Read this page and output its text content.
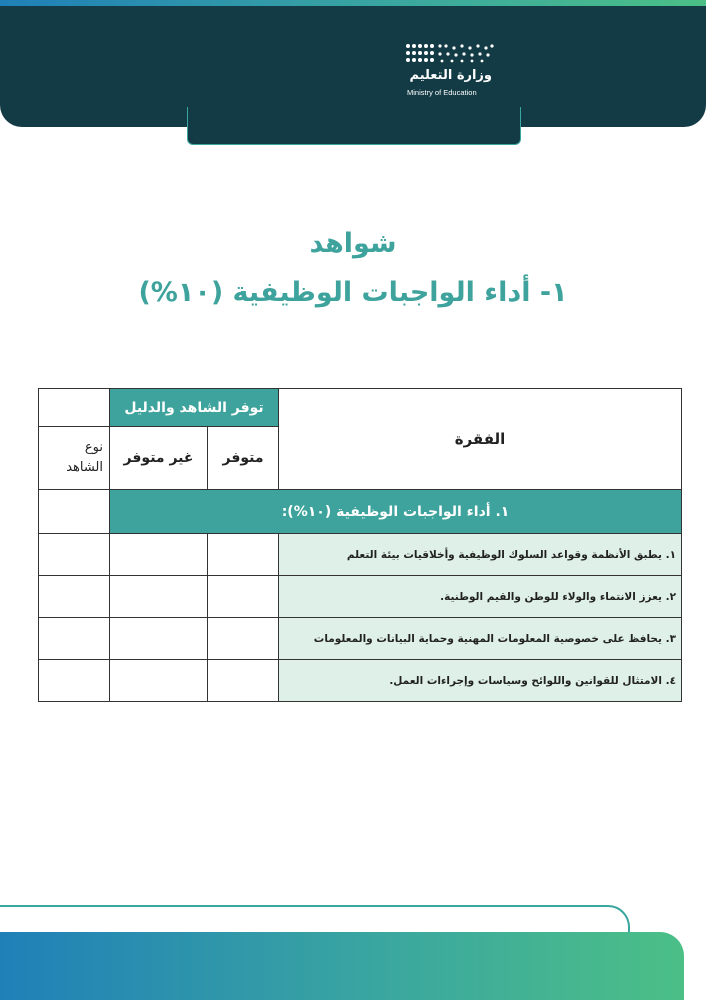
وزارة التعليم
Ministry of Education
شواهد
١- أداء الواجبات الوظيفية (١٠%)
الفقرة	توفر الشاهد والدليل		
	متوفر	غير متوفر	نوع
الشاهد

١. أداء الواجبات الوظيفية (١٠%):			
١. يطبق الأنظمة وقواعد السلوك الوظيفية وأخلاقيات بيئة التعلم			
٢. يعزز الانتماء والولاء للوطن والقيم الوطنية.			
٣. يحافظ على خصوصية المعلومات المهنية وحماية البيانات والمعلومات			
٤. الامتثال للقوانين واللوائح وسياسات وإجراءات العمل.			
